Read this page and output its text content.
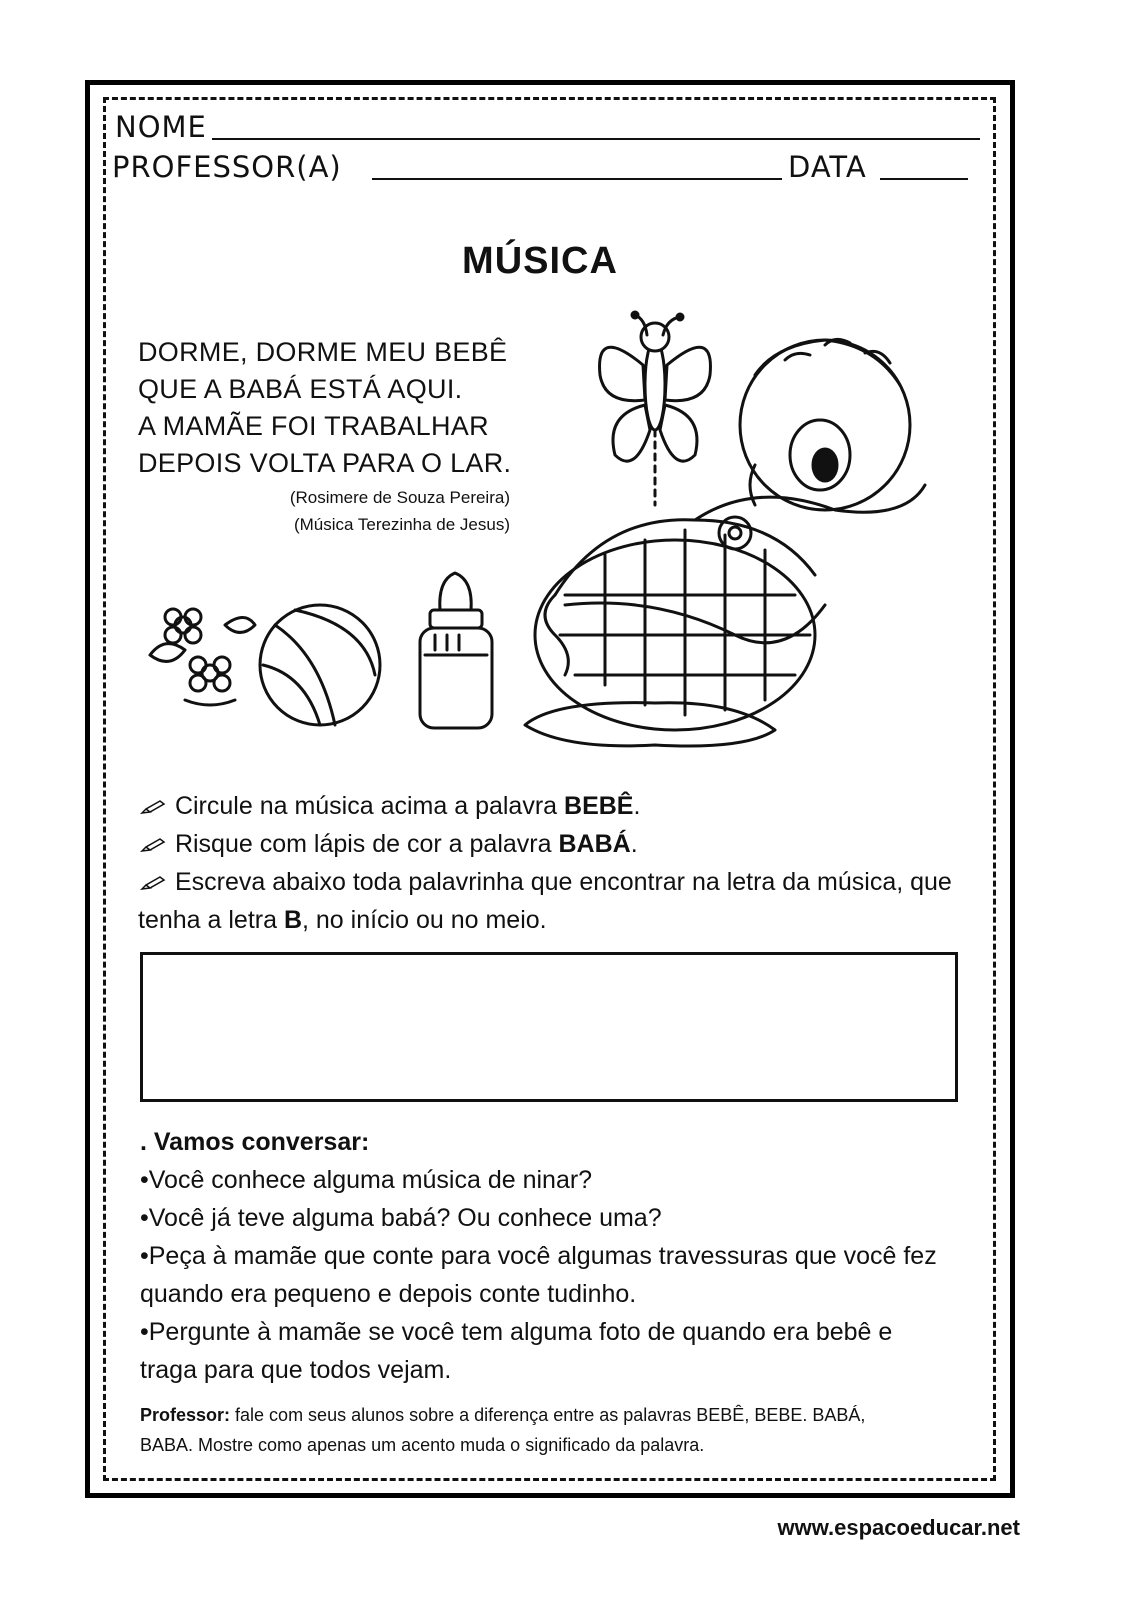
NOME
PROFESSOR(A)	DATA
MÚSICA
DORME, DORME MEU BEBÊ
QUE A BABÁ ESTÁ AQUI.
A MAMÃE FOI TRABALHAR
DEPOIS VOLTA PARA O LAR.
(Rosimere de Souza Pereira)
(Música Terezinha de Jesus)
Circule na música acima a palavra BEBÊ.
Risque com lápis de cor a palavra BABÁ.
Escreva abaixo toda palavrinha que encontrar na letra da música, que
tenha a letra B, no início ou no meio.
. Vamos conversar:
•Você conhece alguma música de ninar?
•Você já teve alguma babá? Ou conhece uma?
•Peça à mamãe que conte para você algumas travessuras que você fez
quando era pequeno e depois conte tudinho.
•Pergunte à mamãe se você tem alguma foto de quando era bebê e
traga para que todos vejam.
Professor: fale com seus alunos sobre a diferença entre as palavras BEBÊ, BEBE. BABÁ,
BABA. Mostre como apenas um acento muda o significado da palavra.
www.espacoeducar.net
